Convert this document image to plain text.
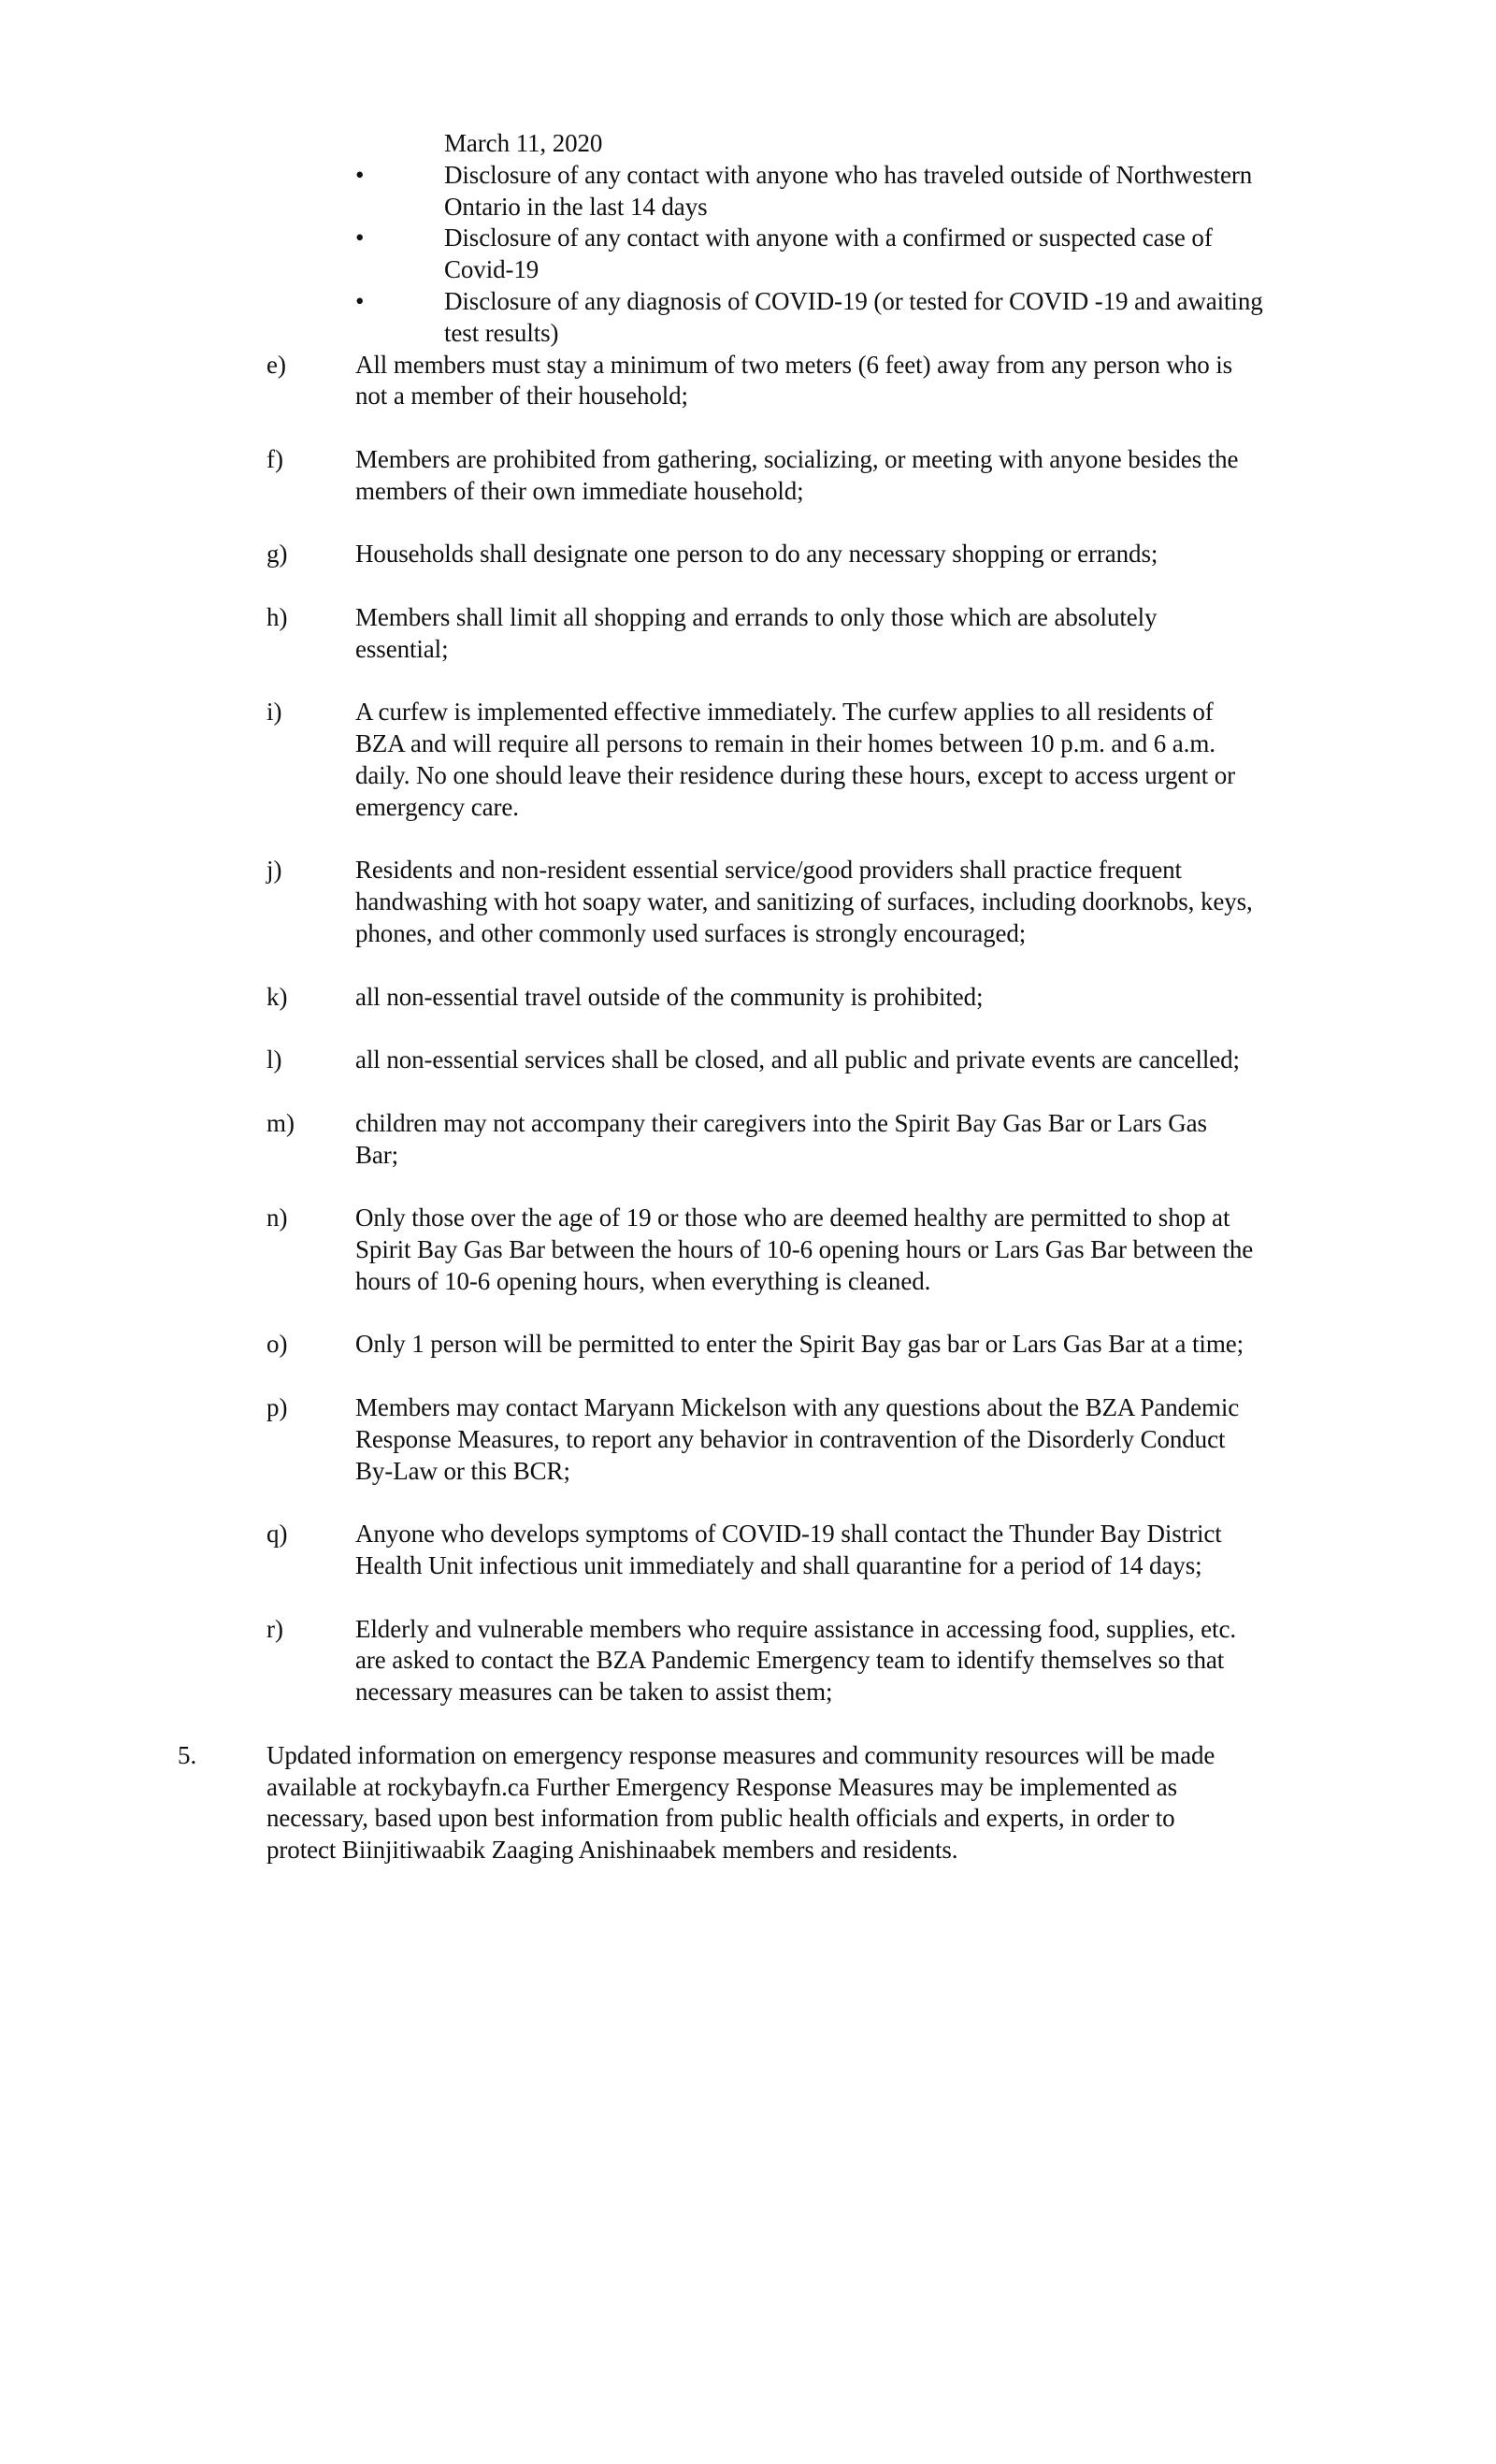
March 11, 2020
•	Disclosure of any contact with anyone who has traveled outside of Northwestern
Ontario in the last 14 days
•	Disclosure of any contact with anyone with a confirmed or suspected case of
Covid-19
•	Disclosure of any diagnosis of COVID-19 (or tested for COVID -19 and awaiting
test results)
e)	All members must stay a minimum of two meters (6 feet) away from any person who is
not a member of their household;
f)	Members are prohibited from gathering, socializing, or meeting with anyone besides the
members of their own immediate household;
g)	Households shall designate one person to do any necessary shopping or errands;
h)	Members shall limit all shopping and errands to only those which are absolutely
essential;
i)	A curfew is implemented effective immediately. The curfew applies to all residents of
BZA and will require all persons to remain in their homes between 10 p.m. and 6 a.m.
daily. No one should leave their residence during these hours, except to access urgent or
emergency care.
j)	Residents and non-resident essential service/good providers shall practice frequent
handwashing with hot soapy water, and sanitizing of surfaces, including doorknobs, keys,
phones, and other commonly used surfaces is strongly encouraged;
k)	all non-essential travel outside of the community is prohibited;
l)	all non-essential services shall be closed, and all public and private events are cancelled;
m) children may not accompany their caregivers into the Spirit Bay Gas Bar or Lars Gas
Bar;
n)	Only those over the age of 19 or those who are deemed healthy are permitted to shop at
Spirit Bay Gas Bar between the hours of 10-6 opening hours or Lars Gas Bar between the
hours of 10-6 opening hours, when everything is cleaned.
o)	Only 1 person will be permitted to enter the Spirit Bay gas bar or Lars Gas Bar at a time;
p)	Members may contact Maryann Mickelson with any questions about the BZA Pandemic
Response Measures, to report any behavior in contravention of the Disorderly Conduct
By-Law or this BCR;
q)	Anyone who develops symptoms of COVID-19 shall contact the Thunder Bay District
Health Unit infectious unit immediately and shall quarantine for a period of 14 days;
r)	Elderly and vulnerable members who require assistance in accessing food, supplies, etc.
are asked to contact the BZA Pandemic Emergency team to identify themselves so that
necessary measures can be taken to assist them;
5.	Updated information on emergency response measures and community resources will be made
available at rockybayfn.ca Further Emergency Response Measures may be implemented as
necessary, based upon best information from public health officials and experts, in order to
protect Biinjitiwaabik Zaaging Anishinaabek members and residents.
